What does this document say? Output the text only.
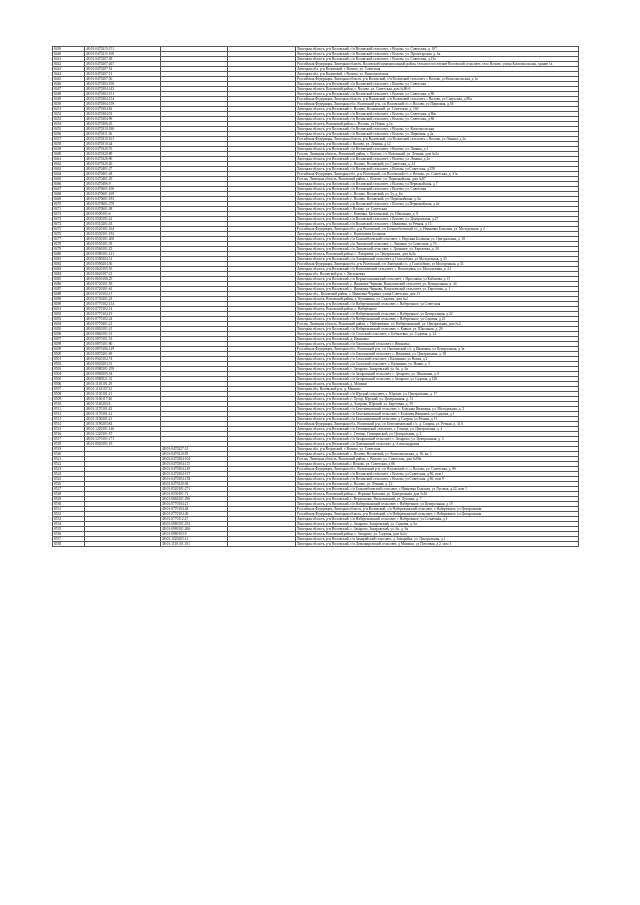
8439	48:01:0470215:151			Липецкая область, р-н Воловский, с/п Воловский сельсовет, с Волово, ул. Советская, д. 107
8440	48:01:0470215:100			Липецкая область, р-н Воловский, с/п Воловский сельсовет, с Волово, ул. Пролетарская, д. 6а
8441	48:01:0470207:48			Липецкая область, р-н Воловский, с/п Воловский сельсовет, с Волово, ул. Советская, д.13а
8442	48:01:0470207:267			Российская Федерация, Липецкая область, Воловский муниципальный район, сельское поселение Воловский сельсовет, село Волово, улица Комсомольская, здание 1а
8443	48:01:0470207:52			Липецкая обл, р-н Воловский, с Волово, ул. Советская
8444	48:01:0470207:51			Липецкая обл, р-н Воловский, с Волово, ул. Комсомольская
8445	48:01:0470207:56			Российская Федерация, Липецкая область, р-н Воловский, с/п Воловский сельсовет, с Волово, ул Комсомольская, д 1а
8446	48:01:0470304:100			Липецкая область, р-н Воловский, с/п Воловский сельсовет, с Волово, ул. Советская
8447	48:01:0470304:143			Липецкая область, Воловский район, с. Волово, ул. Советская, дом №86-б
8448	48:01:0470304:151			Липецкая область, р-н Воловский, с/п Воловский сельсовет, с Волово, ул. Советская, д 80
8449	48:01:0470304:154			Российская Федерация, Липецкая область, р-н Воловский, с/п Воловский сельсовет, с Волово, ул Советская, д 80а
8450	48:01:0470304:159			Российская Федерация, Липецкая обл., Воловский р-н, с/п Воловский с/с, с Волово, ул Первомая, д 58
8451	48:01:0470304:82			Липецкая область, р-н Воловский, с. Волово, Волковский, ул. Советская, д. 160
8452	48:01:0470304:91			Липецкая область, р-н Воловский, с/п Воловский сельсовет, с Волово, ул. Советская, д 86в
8453	48:01:0470304:99			Липецкая область, р-н Воловский, с/п Воловский сельсовет, с Волово, ул. Советская, д 86
8454	48:01:0470306:45			Липецкая область, Воловский район, с. Волово, ул.Новая, д.1а
8455	48:01:0470310:186			Липецкая область, р-н Воловский, с/п Воловский сельсовет, с Волово, ул. Комсомольская
8456	48:01:0470311:36			Липецкая область, р-н Воловский, с/п Воловский сельсовет, с Волово, ул. Первомая, д 2а
8457	48:01:0470310:161			Российская Федерация, Липецкая область, р-н Воловский, с/п Воловский сельсовет, с Волово, ул Ленина, д 2а
8458	48:01:0470310:44			Липецкая область, р-н Воловский, с Волово, ул. Ленина, д 12
8459	48:01:0470320:76			Липецкая область, р-н Воловский, с/п Воловский сельсовет, с Волово, ул. Ленина, д 2
8460	48:01:0470320:89			Россия, Липецкая область, Воловский район, с. Волово, с/с Воловский, ул. Ленина, дом №2а
8461	48:01:0470320:90			Липецкая область, р-н Воловский, с/п Воловский сельсовет, с Волово, ул. Ленина, д 2а
8462	48:01:0470320:26			Липецкая область, р-н Воловский, с. Волово, Воловский, ул. Советская, д. 24
8463	48:01:0470401:27			Липецкая область, р-н Воловский, с/п Воловский сельсовет, с Волово, ул Советская, д 259
8464	48:01:0470401:28			Российская Федерация, Липецкая обл., р-н Воловский, с/п Воловский с/с, с Волово, ул. Советская, д. 31а
8465	48:01:0470401:29			Россия, Липецкая область, Воловский район, с. Волово, ул. Первомайская, дом №87
8466	48:01:0470406:9			Липецкая область, р-н Воловский, с/п Воловский сельсовет, с Волово, ул Первомайская, д 7
8467	48:01:0470601:100			Липецкая область, р-н Воловский, с/п Воловский сельсовет, с Волово, ул. Советская
8468	48:01:0470601:169			Липецкая область, р-н Воловский, с. Волово, Воловский, ул. 5у, д. 6а
8469	48:01:0470601:183			Липецкая область, р-н Воловский, с. Волово, Воловский, ул. Первомайская, д. 6а
8470	48:01:0470601:278			Липецкая область, р-н Воловский, с/п Воловский сельсовет, с Волово, ул Первомайская, д 2а
8471	48:01:0470601:38			Липецкая область, р-н Воловский, с Волово, ул. Советская
8472	48:01:0500101:6			Липецкая область, р-н Воловский, с. Каменка, Баталинский, ул. Школьная, д. 9
8473	48:01:0500101:41			Липецкая область, р-н Воловский, с/п Воловский сельсовет, с Волово, ул. Центральная, д 27
8474	48:01:0510201:43			Липецкая область, р-н Воловский, с/п Воловский сельсовет, с Ивановка, ул Речная, д 15
8475	48:01:0520101:164			Российская Федерация, Липецкая обл., р-н Воловский, с/п Большебоевский с/с, д. Ивановка Большая, ул. Молодежная, д 2
8476	48:01:0530101:192			Липецкая область, р-н Воловский, с. Васильевка Большая
8477	48:01:0530101:200			Липецкая область, р-н Воловский, с/п Большебоевский сельсовет, с. Верхняя Большая, ул. Центральная, д. 18
8478	48:01:0550101:35			Липецкая область, р-н Воловский, с/п Липовский сельсовет, с. Липовка, ул Советская, д 76
8479	48:01:0560101:25			Липецкая область, р-н Воловский, с/п Липовский сельсовет, с. Гремячее, ул. Березовая, д. 30
8480	48:01:0580101:121			Липецкая область, Воловский район, с. Лазаревка, ул. Центральная, дом №3а
8481	48:01:0580304:31			Липецкая область, р-н Воловский, с/п Лазаревский сельсовет, д Гололобово, ул Молодежная, д 33
8482	48:01:0590204:36			Российская Федерация, Липецкая обл., р-н Воловский, с/п Липецкий с/с, д Гололобово, ул Молодежная, д 33
8483	48:01:0620105:55			Липецкая область, р-н Воловский, с/п Васильевский сельсовет, с. Васильевка, ул. Молодежная, д. 22
8484	48:01:0620107:21			Липецкая обл, Воловский р-н, с. Васильевка
8485	48:01:0650106:25			Липецкая область, р-н Воловский, с/п Верхнеольшанский сельсовет, с Ярославка, ул Кабанова, д 15
8486	48:01:0720101:59			Липецкая область, р-н Воловский, с. Ивановка-Чернава, Васильевский сельсовет, ул. Центральная, д. 44
8487	48:01:0720101:61			Липецкая область, р-н Воловский, с. Ивановка-Чернава, Васильевский сельсовет, ул. Березовая, д. 1
8488	48:01:0720102:13			Липецкая обл., Воловский район, с. Ивановка-Чернава, улица Советская, дом 13
8489	48:01:0730201:23			Липецкая область, Воловский район, д. Кузьминка, ул. Садовая, дом №2
8490	48:01:0770102:154			Липецкая область, р-н Воловский, с/п Набережанский сельсовет, с Набережное, ул Советская
8491	48:01:0770102:14			Липецкая область, Воловский район, с. Набережное
8492	48:01:0770104:19			Липецкая область, р-н Воловский, с/п Набережанский сельсовет, с Набережное, ул Центральная, д 22
8493	48:01:0770102:24			Липецкая область, р-н Воловский, с/п Набережанский сельсовет, с Набережное, ул Садовая, д 25
8494	48:01:0770401:21			Россия, Липецкая область, Воловский район, с. Набережное, с/с Набережанский, ул. Центральная, дом №2
8495	48:01:0830101:21			Липецкая область, р-н Воловский, с/п Набережанский сельсовет, с. Кавказ, ул. Школьная, д. 26
8496	48:01:0860101:51			Липецкая область, р-н Воловский, с/п Спасский сельсовет, с. Бобылевка, ул. Садовая, д. 22
8497	48:01:0870101:53			Липецкая область, р-н Воловский, д. Ивановка
8498	48:01:0870101:80			Липецкая область, р-н Воловский, с/п Ожогинский сельсовет, с Ивановка
8499	48:01:0870106:129			Российская Федерация, Липецкая обл., Воловский р-н, с/п Ожогинский с/с, д Ивановка, ул Центральная, д 3а
8500	48:01:0870201:69			Липецкая область, р-н Воловский, с/п Ожогинский сельсовет, с. Ивановка, ул. Центральная, д. 38
8501	48:01:0920102:74			Липецкая область, р-н Воловский, с/п Спасский сельсовет, с Калинино, ул Новая, д 2
8502	48:01:0920203:51			Липецкая область, р-н Воловский, с/п Спасский сельсовет, с. Калинино, ул. Новая, д. 5
8503	48:01:0980101:259			Липецкая область, р-н Воловский, с. Захарово, Захаровский, ул. 6о, д. 6а
8504	48:01:0980505:54			Липецкая область, р-н Воловский, с/п Захаровский сельсовет, с. Захарово, ул. Школьная, д. 8
8505	48:01:0980521:31			Липецкая область, р-н Воловский, с/п Захаровский сельсовет, с Захарово, ул Садовая, д 126
8506	48:01:1110101:29			Липецкая область, р-н Воловский, д. Машино
8507	48:01:1110107:32			Липецкая обл, Воловский р-н, д. Машино
8508	48:01:1150101:21			Липецкая область, р-н Воловский, с/п Юрский сельсовет, с. Юрское, ул. Центральная, д. 17
8509	48:01:1160117:40			Липецкая область, р-н Воловский, с. Хутор, Юрский, ул. Центральная, д. 31
8510	48:01:1160203:6			Липецкая область, р-н Воловский, д. Хитрово, Юрский, ул. Береговая, д. 39
8511	48:01:1170101:43			Липецкая область, р-н Воловский, с/п Бехелменовский сельсовет, с. Большая Ивановка, ул. Молодежная, д. 2
8512	48:01:1170201:12			Липецкая область, р-н Воловский, с/п Бехелменовский сельсовет, с Большая Ивановка, ул Садовая, д 1
8513	48:01:1190201:21			Липецкая область, р-н Воловский, с/п Бехелменовский сельсовет, д Сапрон, ул Речная, д 31
8514	48:01:1190203:84			Российская Федерация, Липецкая обл., Воловский р-н, с/п Бехелменовский с/с, д. Сапрон, ул. Речная, д. 31А
8515	48:01:1220101:146			Липецкая область, р-н Воловский, с/п Гатищенский сельсовет, с. Гатище, ул. Центральная, д. 4
8516	48:01:1220101:67			Липецкая область, р-н Воловский, с. Гатище, Гатищенский, ул. Центральная, д. 2
8517	48:01:1270101:171			Липецкая область, р-н Воловский, с/п Захаровский сельсовет, с. Захарово, ул. Центральная, д. 3
8518	48:01:0920101:19			Липецкая область, р-н Воловский, с/п Хмелинский сельсовет, д. Александровка
8519		48:01:0470227:51		Липецкая обл, р-н Воловский, с Волово, ул. Советская
8520		48:01:0470210:85		Липецкая область, р-н Воловский, с. Волово, Воловский, ул. Комсомольская, д. 16, кв. 1
8521		48:01:0470304:104		Россия, Липецкая область, Воловский район, с. Волово, ул. Советская, дом №80а
8522		48:01:0470304:115		Липецкая область, р-н Воловский, с Волово, ул. Советская, д 86
8523		48:01:0470304:149		Российская Федерация, Липецкая обл., Воловский р-н, с/п Воловский с/с, с Волово, ул. Советская, д. 86
8524		48:01:0470304:157		Липецкая область, р-н Воловский, с/п Воловский сельсовет, с Волово, ул Советская, д 86, пом 1
8525		48:01:0470304:158		Липецкая область, р-н Воловский, с/п Воловский сельсовет, с Волово, ул Советская, д 86, пом 9
8526		48:01:0470320:92		Липецкая область, р-н Воловский, с. Волово, ул. Ленина, д. 12
8527		48:01:0520101:271		Липецкая область, р-н Воловский, с/п Большебоевский сельсовет, с Ивановка Большая, ул Луговая, д 22, пом 1
8528		48:01:0530101:71		Липецкая область, Воловский район, с. Верхняя Большая, ул. Центральная, дом №16
8529		48:01:0660101:296		Липецкая область, р-н Воловский, с. Верхопольe, Васильевский, ул. Луговая, д. 7
8530		48:01:0770104:21		Липецкая область, р-н Воловский, с/п Набережанский сельсовет, с Набережное, ул Центральная, д 19
8531		48:01:0770104:48		Российская Федерация, Липецкая область, р-н Воловский, с/п Набережанский сельсовет, с Набережное, ул Центральная
8532		48:01:0770104:49		Российская Федерация, Липецкая область, р-н Воловский, с/п Набережанский сельсовет, с Набережное, ул Центральная
8533		48:01:0770112:27		Липецкая область, р-н Воловский, с/п Набережанский сельсовет, с Набережное, ул Солнечная, д 1
8534		48:01:0980101:252		Липецкая область, р-н Воловский, с. Захарово, Захаровский, ул. Садовая, д. 6а
8535		48:01:0980101:266		Липецкая область, р-н Воловский, с. Захарово, Захаровский, ул. 6о, д. 6а
8536		48:01:0980103:9		Липецкая область, Воловский район, с. Захарово, ул. Садовая, дом №2а
8537		48:01:1020205:12		Липецкая область, р-н Воловский, с/п Замарайский сельсовет, д. Замарайка, ул. Центральная, д.1
8538		48:01:1110101:101		Липецкая область, р-н Воловский, с/п Доможировский сельсовет, д Машино, ул Почтовая, д 2, пом 1
